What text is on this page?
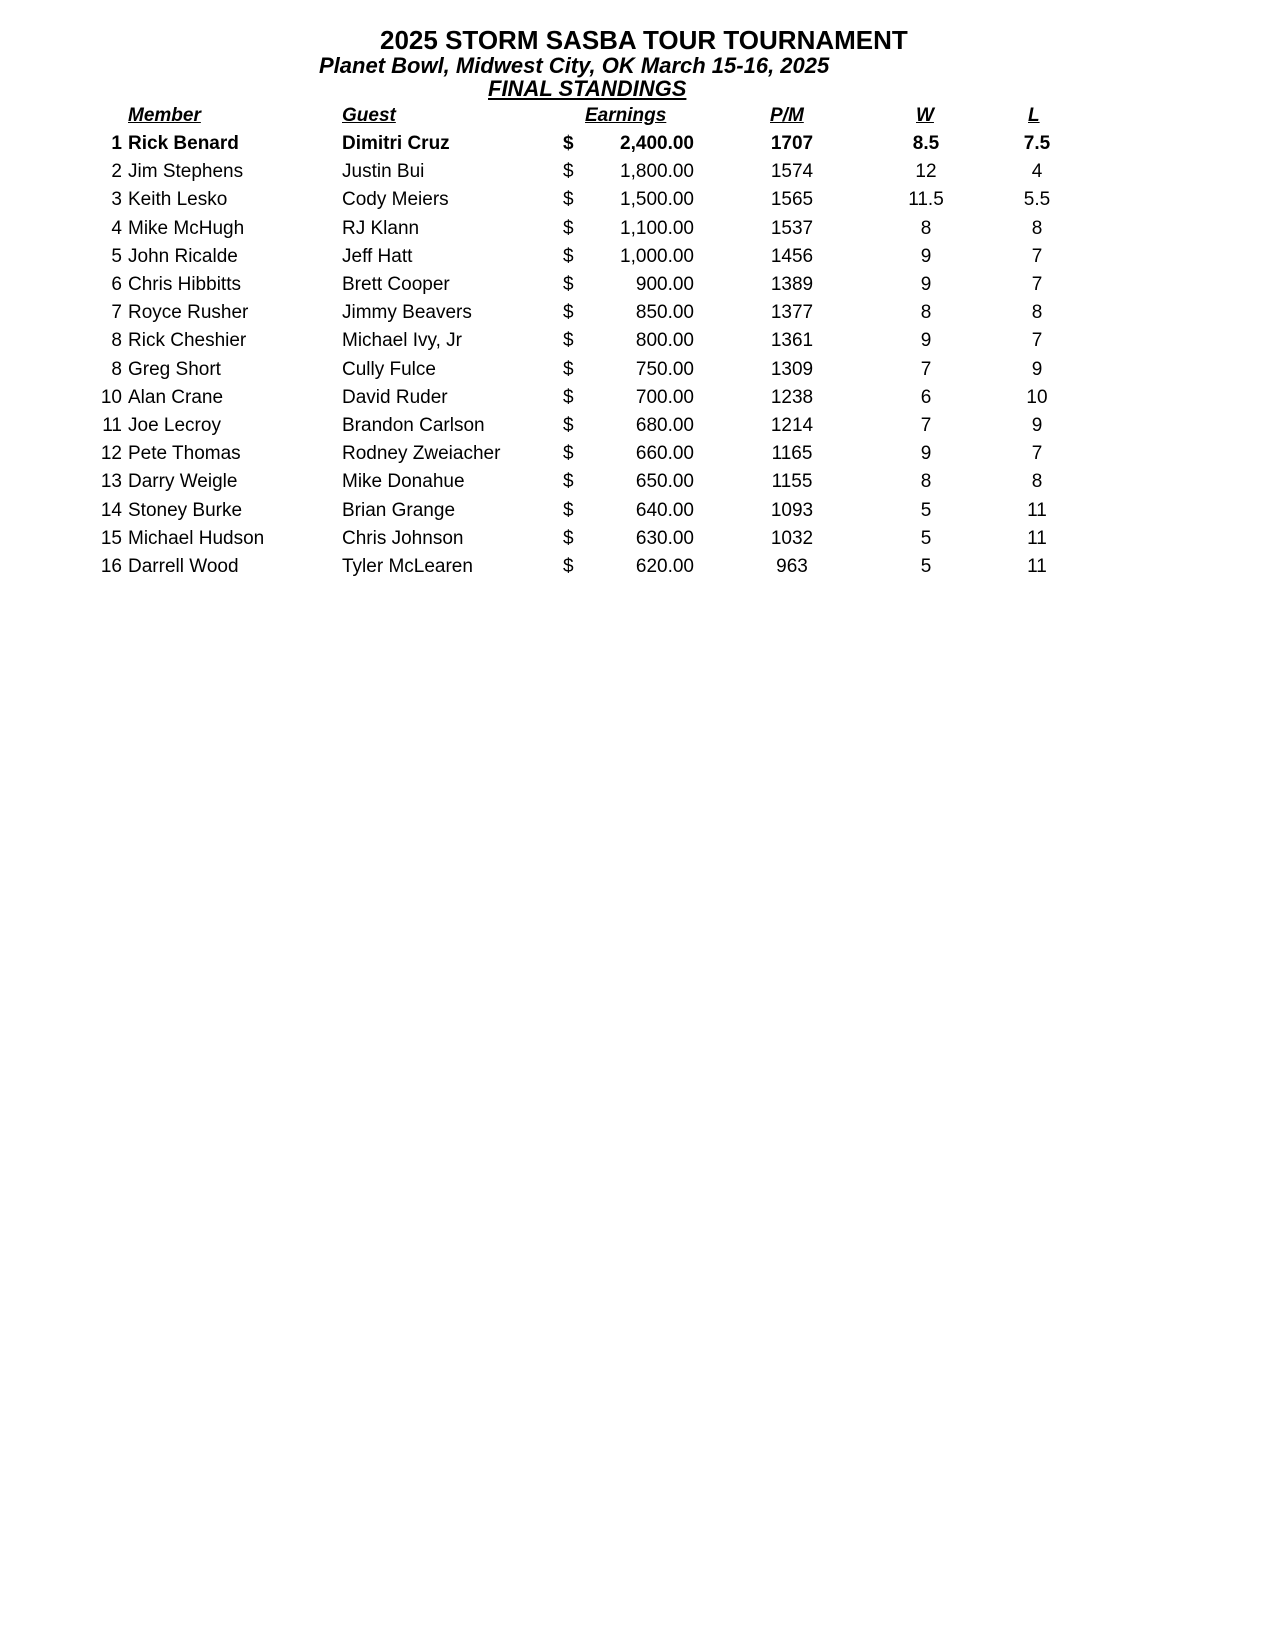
2025 STORM SASBA TOUR TOURNAMENT
Planet Bowl, Midwest City, OK March 15-16, 2025
FINAL STANDINGS
Member	Guest	Earnings	P/M	W	L
1 Rick Benard	Dimitri Cruz	$	2,400.00	1707	8.5	7.5
2 Jim Stephens	Justin Bui	$	1,800.00	1574	12	4
3 Keith Lesko	Cody Meiers	$	1,500.00	1565	11.5	5.5
4 Mike McHugh	RJ Klann	$	1,100.00	1537	8	8
5 John Ricalde	Jeff Hatt	$	1,000.00	1456	9	7
6 Chris Hibbitts	Brett Cooper	$	900.00	1389	9	7
7 Royce Rusher	Jimmy Beavers	$	850.00	1377	8	8
8 Rick Cheshier	Michael Ivy, Jr	$	800.00	1361	9	7
8 Greg Short	Cully Fulce	$	750.00	1309	7	9
10 Alan Crane	David Ruder	$	700.00	1238	6	10
11 Joe Lecroy	Brandon Carlson	$	680.00	1214	7	9
12 Pete Thomas	Rodney Zweiacher	$	660.00	1165	9	7
13 Darry Weigle	Mike Donahue	$	650.00	1155	8	8
14 Stoney Burke	Brian Grange	$	640.00	1093	5	11
15 Michael Hudson	Chris Johnson	$	630.00	1032	5	11
16 Darrell Wood	Tyler McLearen	$	620.00	963	5	11
